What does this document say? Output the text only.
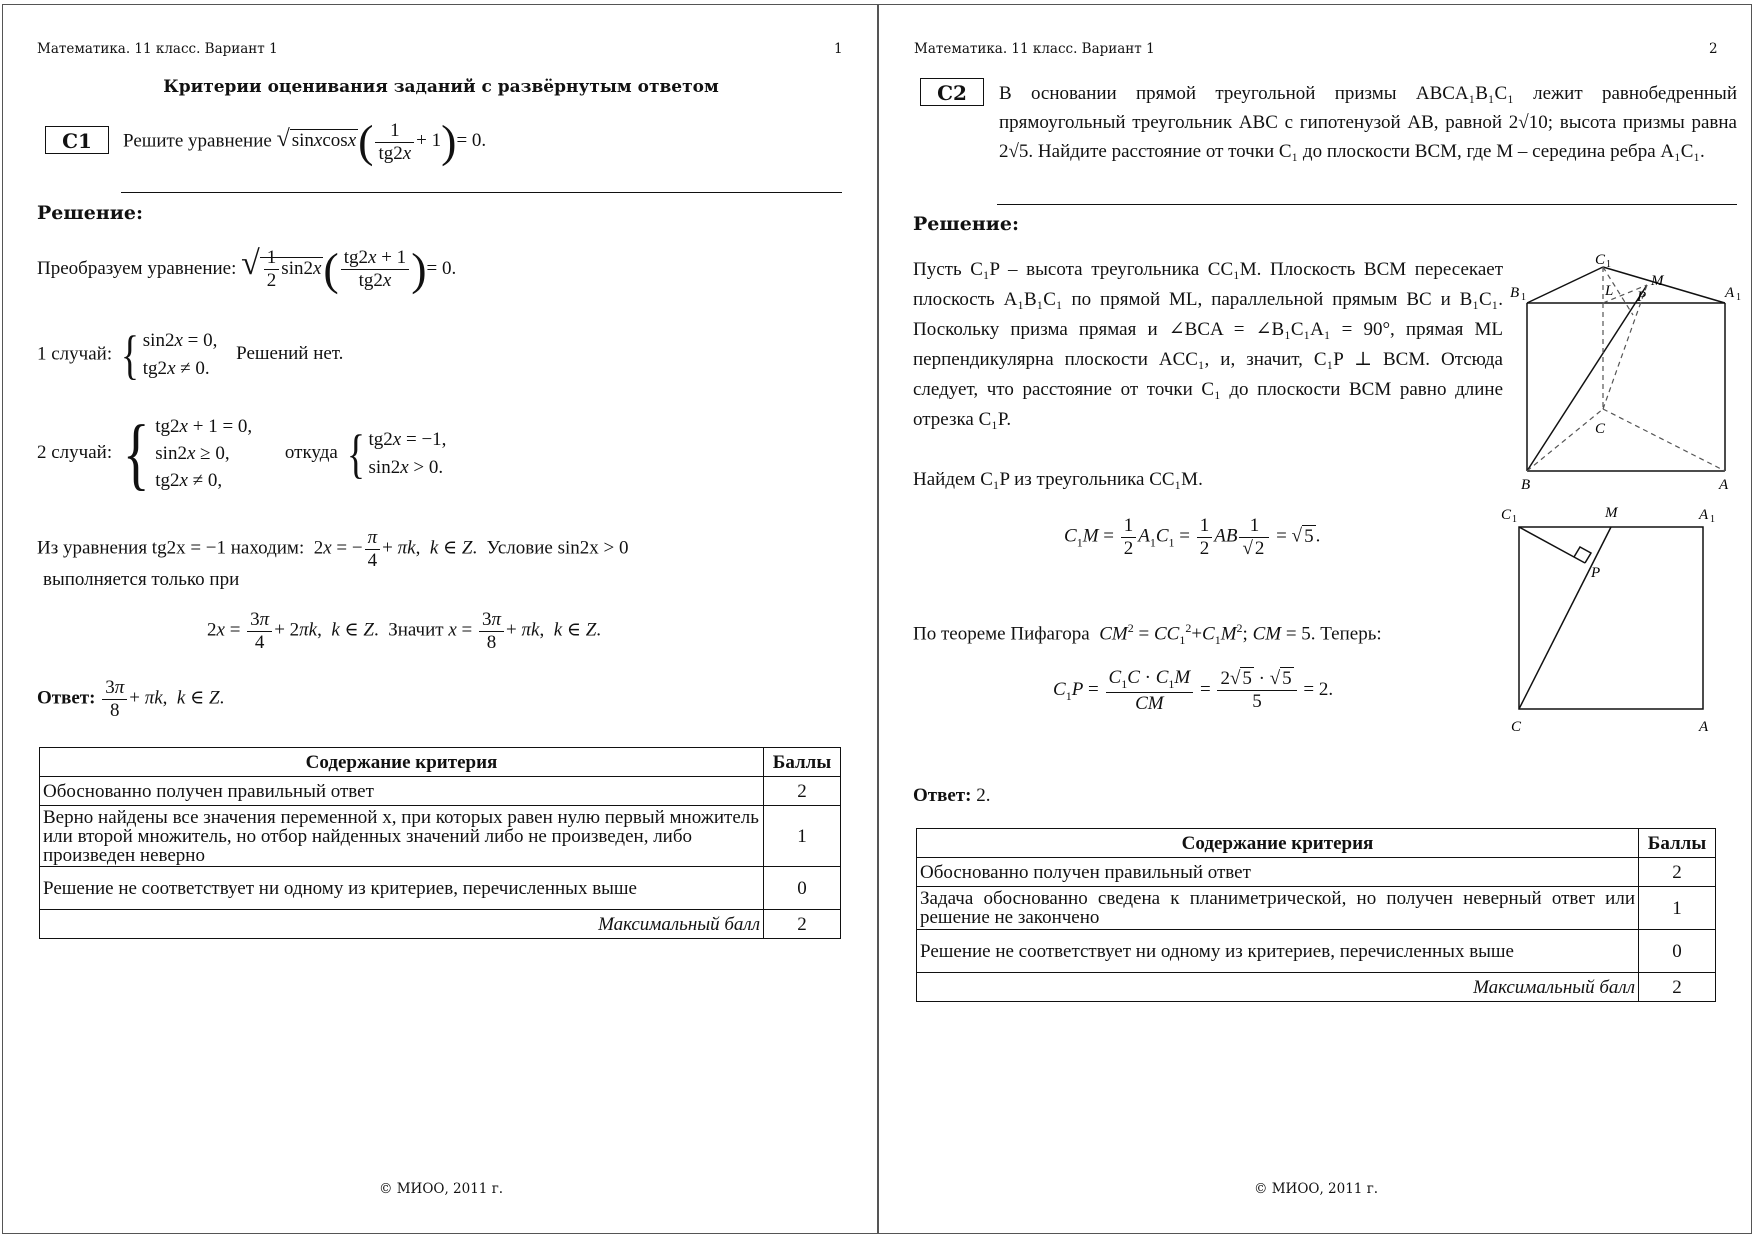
Математика. 11 класс. Вариант 1	1
Критерии оценивания заданий с развёрнутым ответом
С1	Решите уравнение √ sinxcosx( $\frac{1}{tg2x} + 1)= 0$.
Решение:
Преобразуем уравнение: √ $\frac{1}{2} \sin 2x( \frac{tg2x + 1}{tg2x}$ )= 0.
1 случай: { sin2x = 0,
tg2x ≠ 0.
Решений нет.
2 случай: { tg2x + 1 = 0,
sin2x ≥ 0,
tg2x ≠ 0,
откуда { tg2x = −1,
sin2x > 0.
Из уравнения tg2x = −1 находим:  2x = − $\frac{\pi}{4} + \pi k$,  k ∈ Z.  Условие sin2x > 0
выполняется только при
$2x = \frac{3\pi}{4} + 2\pi k$,  k ∈ Z.  Значит $x = \frac{3\pi}{8} + \pi k$,  k ∈ Z.
Ответ: $\frac{3\pi}{8} + \pi k$,  k ∈ Z.
Содержание критерия	Баллы
Обоснованно получен правильный ответ	2
Верно найдены все значения переменной x, при которых равен нулю первый множитель или второй множитель, но отбор найденных значений либо не произведен, либо произведен неверно	1
Решение не соответствует ни одному из критериев, перечисленных выше	0
Максимальный балл	2
© МИОО, 2011 г.
Математика. 11 класс. Вариант 1	2
С2	В основании прямой треугольной призмы ABCA₁B₁C₁ лежит равнобедренный прямоугольный треугольник ABC с гипотенузой AB, равной 2√10; высота призмы равна 2√5. Найдите расстояние от точки C₁ до плоскости BCM, где M – середина ребра A₁C₁.
Решение:
Пусть C₁P – высота треугольника CC₁M. Плоскость BCM пересекает плоскость A₁B₁C₁ по прямой ML, параллельной прямым BC и B₁C₁. Поскольку призма прямая и ∠BCA = ∠B₁C₁A₁ = 90°, прямая ML перпендикулярна плоскости ACC₁, и, значит, C₁P ⊥ BCM. Отсюда следует, что расстояние от точки C₁ до плоскости BCM равно длине отрезка C₁P.
Найдем C₁P из треугольника CC₁M.
$C_1M = \frac{1}{2} A_1C_1 = \frac{1}{2}$ AB $\frac{1}{√ 2}$ = √ 5 .
По теореме Пифагора $CM^2 = CC_1^2+C_1M^2$; CM = 5. Теперь:
$C_1P = \frac{C_1C \cdot C_1M}{CM} = \frac{2√ 5 \cdot √ 5}{5} = 2$.
Ответ: 2.
C 1
M
B 1	A 1
L P
C
B	A
C 1	M	A 1
P
C	A
Содержание критерия	Баллы
Обоснованно получен правильный ответ	2
Задача обоснованно сведена к планиметрической, но получен неверный ответ или решение не закончено	1
Решение не соответствует ни одному из критериев, перечисленных выше	0
Максимальный балл	2
© МИОО, 2011 г.
